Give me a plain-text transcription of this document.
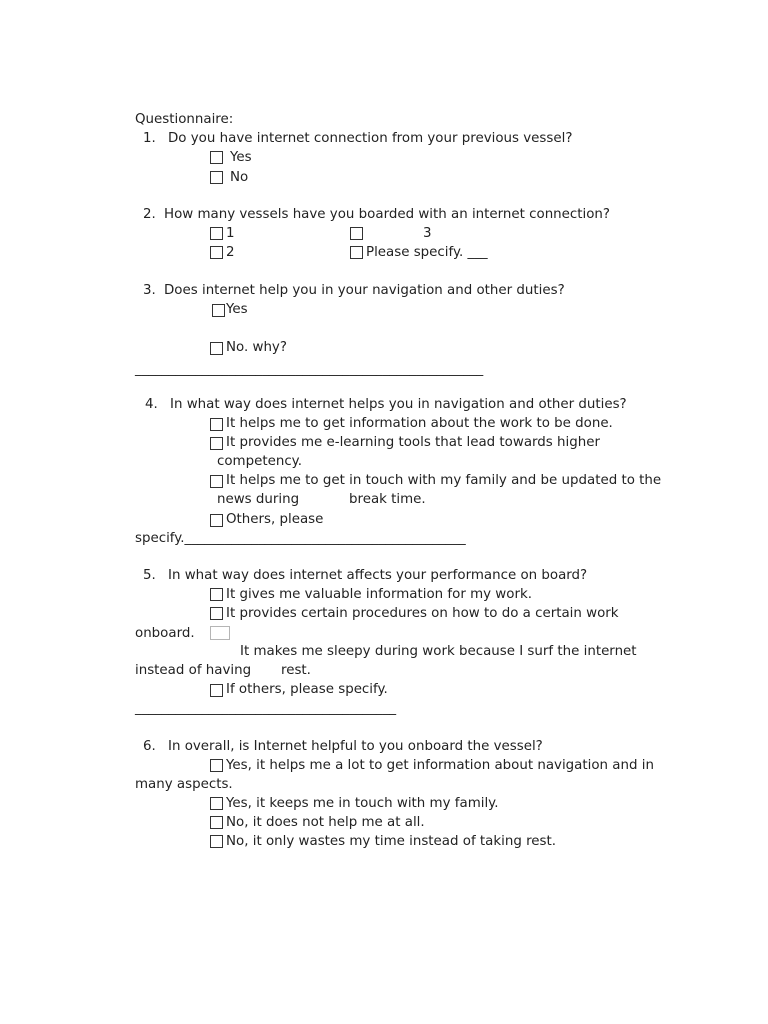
Questionnaire:
1. Do you have internet connection from your previous vessel?
Yes
No
2. How many vessels have you boarded with an internet connection?
1	3
2	Please specify. ___
3. Does internet help you in your navigation and other duties?
Yes
No. why?
____________________________________________________
4. In what way does internet helps you in navigation and other duties?
It helps me to get information about the work to be done.
It provides me e-learning tools that lead towards higher
competency.
It helps me to get in touch with my family and be updated to the
news during	break time.
Others, please
specify.__________________________________________
5. In what way does internet affects your performance on board?
It gives me valuable information for my work.
It provides certain procedures on how to do a certain work
onboard.
It makes me sleepy during work because I surf the internet
instead of having rest.
If others, please specify.
_______________________________________
6. In overall, is Internet helpful to you onboard the vessel?
Yes, it helps me a lot to get information about navigation and in
many aspects.
Yes, it keeps me in touch with my family.
No, it does not help me at all.
No, it only wastes my time instead of taking rest.
